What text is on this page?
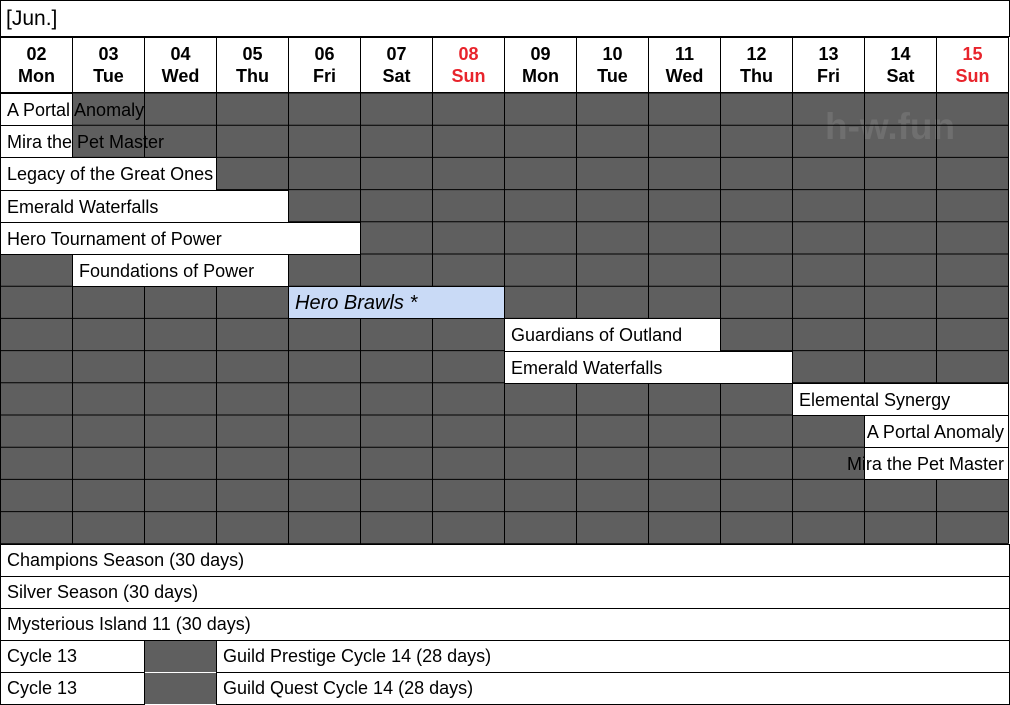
[Jun.]
02
Mon
03
Tue
04
Wed
05
Thu
06
Fri
07
Sat
08
Sun
09
Mon
10
Tue
11
Wed
12
Thu
13
Fri
14
Sat
15
Sun
h-w.fun
A Portal Anomaly
Mira the Pet Master
Legacy of the Great Ones
Emerald Waterfalls
Hero Tournament of Power
Foundations of Power
Hero Brawls *
Guardians of Outland
Emerald Waterfalls
Elemental Synergy
A Portal Anomaly
Mira the Pet Master
Champions Season (30 days)
Silver Season (30 days)
Mysterious Island 11 (30 days)
Cycle 13	Guild Prestige Cycle 14 (28 days)
Cycle 13	Guild Quest Cycle 14 (28 days)
